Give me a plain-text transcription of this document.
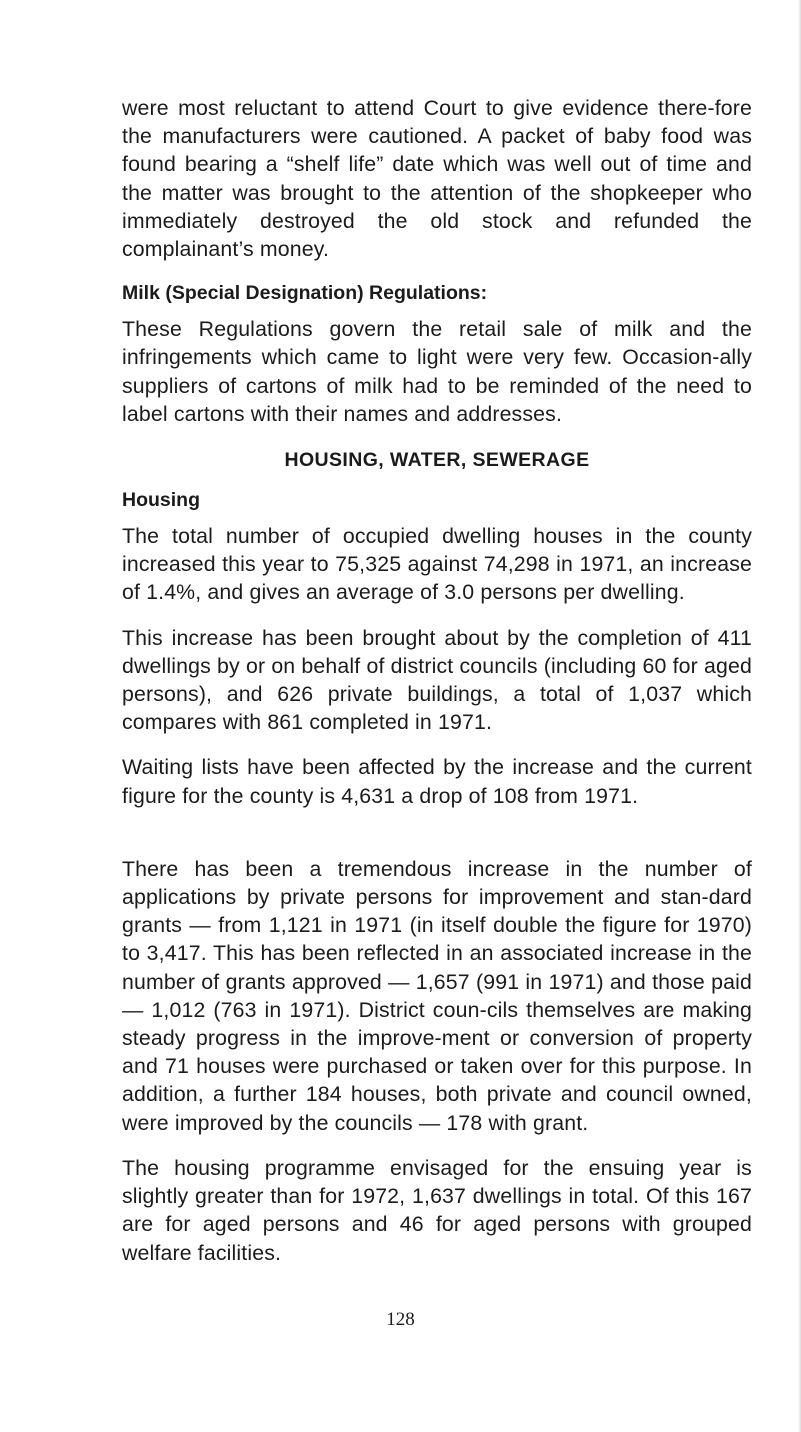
were most reluctant to attend Court to give evidence there-fore the manufacturers were cautioned. A packet of baby food was found bearing a “shelf life” date which was well out of time and the matter was brought to the attention of the shopkeeper who immediately destroyed the old stock and refunded the complainant’s money.

Milk (Special Designation) Regulations:

These Regulations govern the retail sale of milk and the infringements which came to light were very few. Occasion-ally suppliers of cartons of milk had to be reminded of the need to label cartons with their names and addresses.

HOUSING, WATER, SEWERAGE

Housing

The total number of occupied dwelling houses in the county increased this year to 75,325 against 74,298 in 1971, an increase of 1.4%, and gives an average of 3.0 persons per dwelling.

This increase has been brought about by the completion of 411 dwellings by or on behalf of district councils (including 60 for aged persons), and 626 private buildings, a total of 1,037 which compares with 861 completed in 1971.

Waiting lists have been affected by the increase and the current figure for the county is 4,631 a drop of 108 from 1971.

There has been a tremendous increase in the number of applications by private persons for improvement and stan-dard grants — from 1,121 in 1971 (in itself double the figure for 1970) to 3,417. This has been reflected in an associated increase in the number of grants approved — 1,657 (991 in 1971) and those paid — 1,012 (763 in 1971). District coun-cils themselves are making steady progress in the improve-ment or conversion of property and 71 houses were purchased or taken over for this purpose. In addition, a further 184 houses, both private and council owned, were improved by the councils — 178 with grant.

The housing programme envisaged for the ensuing year is slightly greater than for 1972, 1,637 dwellings in total. Of this 167 are for aged persons and 46 for aged persons with grouped welfare facilities.

128
